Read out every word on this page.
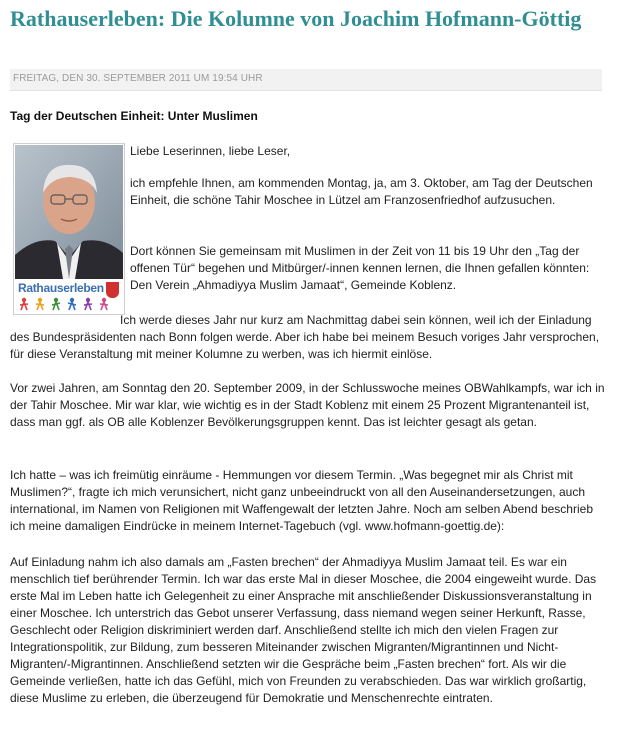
Rathauserleben: Die Kolumne von Joachim Hofmann-Göttig
FREITAG, DEN 30. SEPTEMBER 2011 UM 19:54 UHR
Tag der Deutschen Einheit: Unter Muslimen
Rathauserleben

Liebe Leserinnen, liebe Leser,

ich empfehle Ihnen, am kommenden Montag, ja, am 3. Oktober, am Tag der Deutschen Einheit, die schöne Tahir Moschee in Lützel am Franzosenfriedhof aufzusuchen.

Dort können Sie gemeinsam mit Muslimen in der Zeit von 11 bis 19 Uhr den „Tag der offenen Tür“ begehen und Mitbürger/-innen kennen lernen, die Ihnen gefallen könnten: Den Verein „Ahmadiyya Muslim Jamaat“, Gemeinde Koblenz.

Ich werde dieses Jahr nur kurz am Nachmittag dabei sein können, weil ich der Einladung des Bundespräsidenten nach Bonn folgen werde. Aber ich habe bei meinem Besuch voriges Jahr versprochen, für diese Veranstaltung mit meiner Kolumne zu werben, was ich hiermit einlöse.

Vor zwei Jahren, am Sonntag den 20. September 2009, in der Schlusswoche meines OBWahlkampfs, war ich in der Tahir Moschee. Mir war klar, wie wichtig es in der Stadt Koblenz mit einem 25 Prozent Migrantenanteil ist, dass man ggf. als OB alle Koblenzer Bevölkerungsgruppen kennt. Das ist leichter gesagt als getan.

Ich hatte – was ich freimütig einräume - Hemmungen vor diesem Termin. „Was begegnet mir als Christ mit Muslimen?“, fragte ich mich verunsichert, nicht ganz unbeeindruckt von all den Auseinandersetzungen, auch international, im Namen von Religionen mit Waffengewalt der letzten Jahre. Noch am selben Abend beschrieb ich meine damaligen Eindrücke in meinem Internet-Tagebuch (vgl. www.hofmann-goettig.de):

Auf Einladung nahm ich also damals am „Fasten brechen“ der Ahmadiyya Muslim Jamaat teil. Es war ein menschlich tief berührender Termin. Ich war das erste Mal in dieser Moschee, die 2004 eingeweiht wurde. Das erste Mal im Leben hatte ich Gelegenheit zu einer Ansprache mit anschließender Diskussionsveranstaltung in einer Moschee. Ich unterstrich das Gebot unserer Verfassung, dass niemand wegen seiner Herkunft, Rasse, Geschlecht oder Religion diskriminiert werden darf. Anschließend stellte ich mich den vielen Fragen zur Integrationspolitik, zur Bildung, zum besseren Miteinander zwischen Migranten/Migrantinnen und Nicht-Migranten/-Migrantinnen. Anschließend setzten wir die Gespräche beim „Fasten brechen“ fort. Als wir die Gemeinde verließen, hatte ich das Gefühl, mich von Freunden zu verabschieden. Das war wirklich großartig, diese Muslime zu erleben, die überzeugend für Demokratie und Menschenrechte eintraten.
